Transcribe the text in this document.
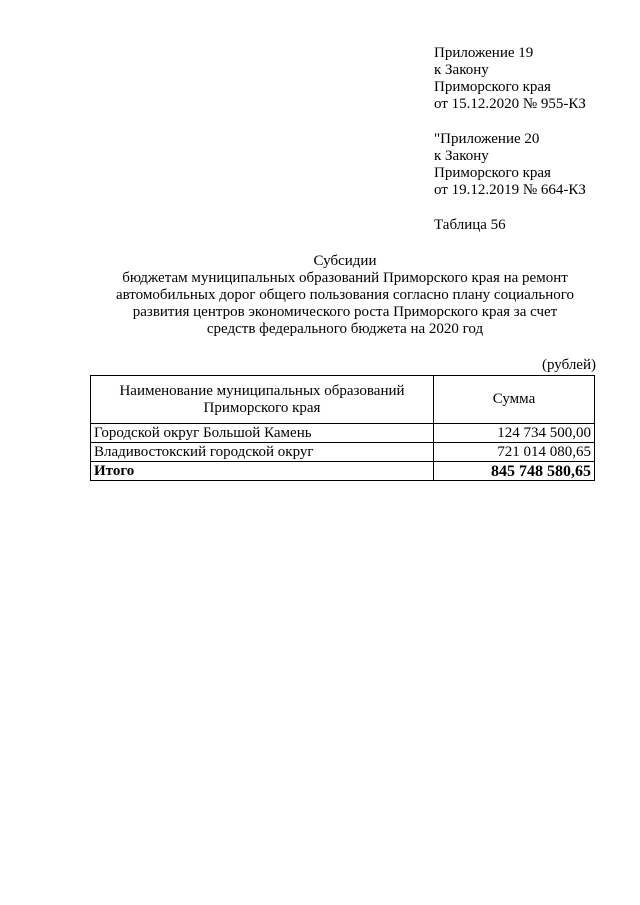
Приложение 19
к Закону
Приморского края
от 15.12.2020 № 955-КЗ
"Приложение 20
к Закону
Приморского края
от 19.12.2019 № 664-КЗ
Таблица 56
Субсидии
бюджетам муниципальных образований Приморского края на ремонт
автомобильных дорог общего пользования согласно плану социального
развития центров экономического роста Приморского края за счет
средств федерального бюджета на 2020 год
(рублей)
Наименование муниципальных образований
Приморского края	Сумма
Городской округ Большой Камень	124 734 500,00
Владивостокский городской округ	721 014 080,65
Итого	845 748 580,65
